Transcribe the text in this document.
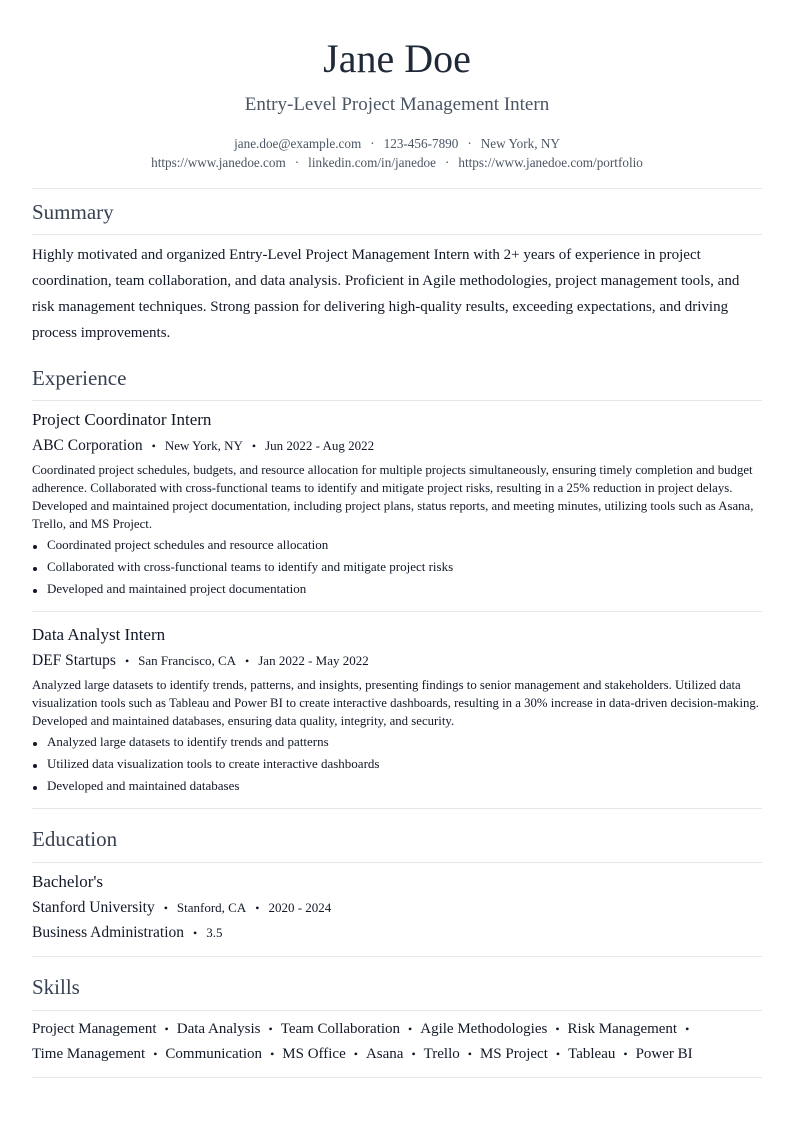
Jane Doe
Entry-Level Project Management Intern
jane.doe@example.com · 123-456-7890 · New York, NY
https://www.janedoe.com · linkedin.com/in/janedoe · https://www.janedoe.com/portfolio
Summary

Highly motivated and organized Entry-Level Project Management Intern with 2+ years of experience in project coordination, team collaboration, and data analysis. Proficient in Agile methodologies, project management tools, and risk management techniques. Strong passion for delivering high-quality results, exceeding expectations, and driving process improvements.

Experience
Project Coordinator Intern
ABC Corporation • New York, NY • Jun 2022 - Aug 2022

Coordinated project schedules, budgets, and resource allocation for multiple projects simultaneously, ensuring timely completion and budget adherence. Collaborated with cross-functional teams to identify and mitigate project risks, resulting in a 25% reduction in project delays. Developed and maintained project documentation, including project plans, status reports, and meeting minutes, utilizing tools such as Asana, Trello, and MS Project.

Coordinated project schedules and resource allocation
Collaborated with cross-functional teams to identify and mitigate project risks
Developed and maintained project documentation
Data Analyst Intern
DEF Startups • San Francisco, CA • Jan 2022 - May 2022

Analyzed large datasets to identify trends, patterns, and insights, presenting findings to senior management and stakeholders. Utilized data visualization tools such as Tableau and Power BI to create interactive dashboards, resulting in a 30% increase in data-driven decision-making. Developed and maintained databases, ensuring data quality, integrity, and security.

Analyzed large datasets to identify trends and patterns
Utilized data visualization tools to create interactive dashboards
Developed and maintained databases
Education
Bachelor's
Stanford University • Stanford, CA • 2020 - 2024
Business Administration • 3.5
Skills
Project Management • Data Analysis • Team Collaboration • Agile Methodologies • Risk Management •
Time Management • Communication • MS Office • Asana • Trello • MS Project • Tableau • Power BI
